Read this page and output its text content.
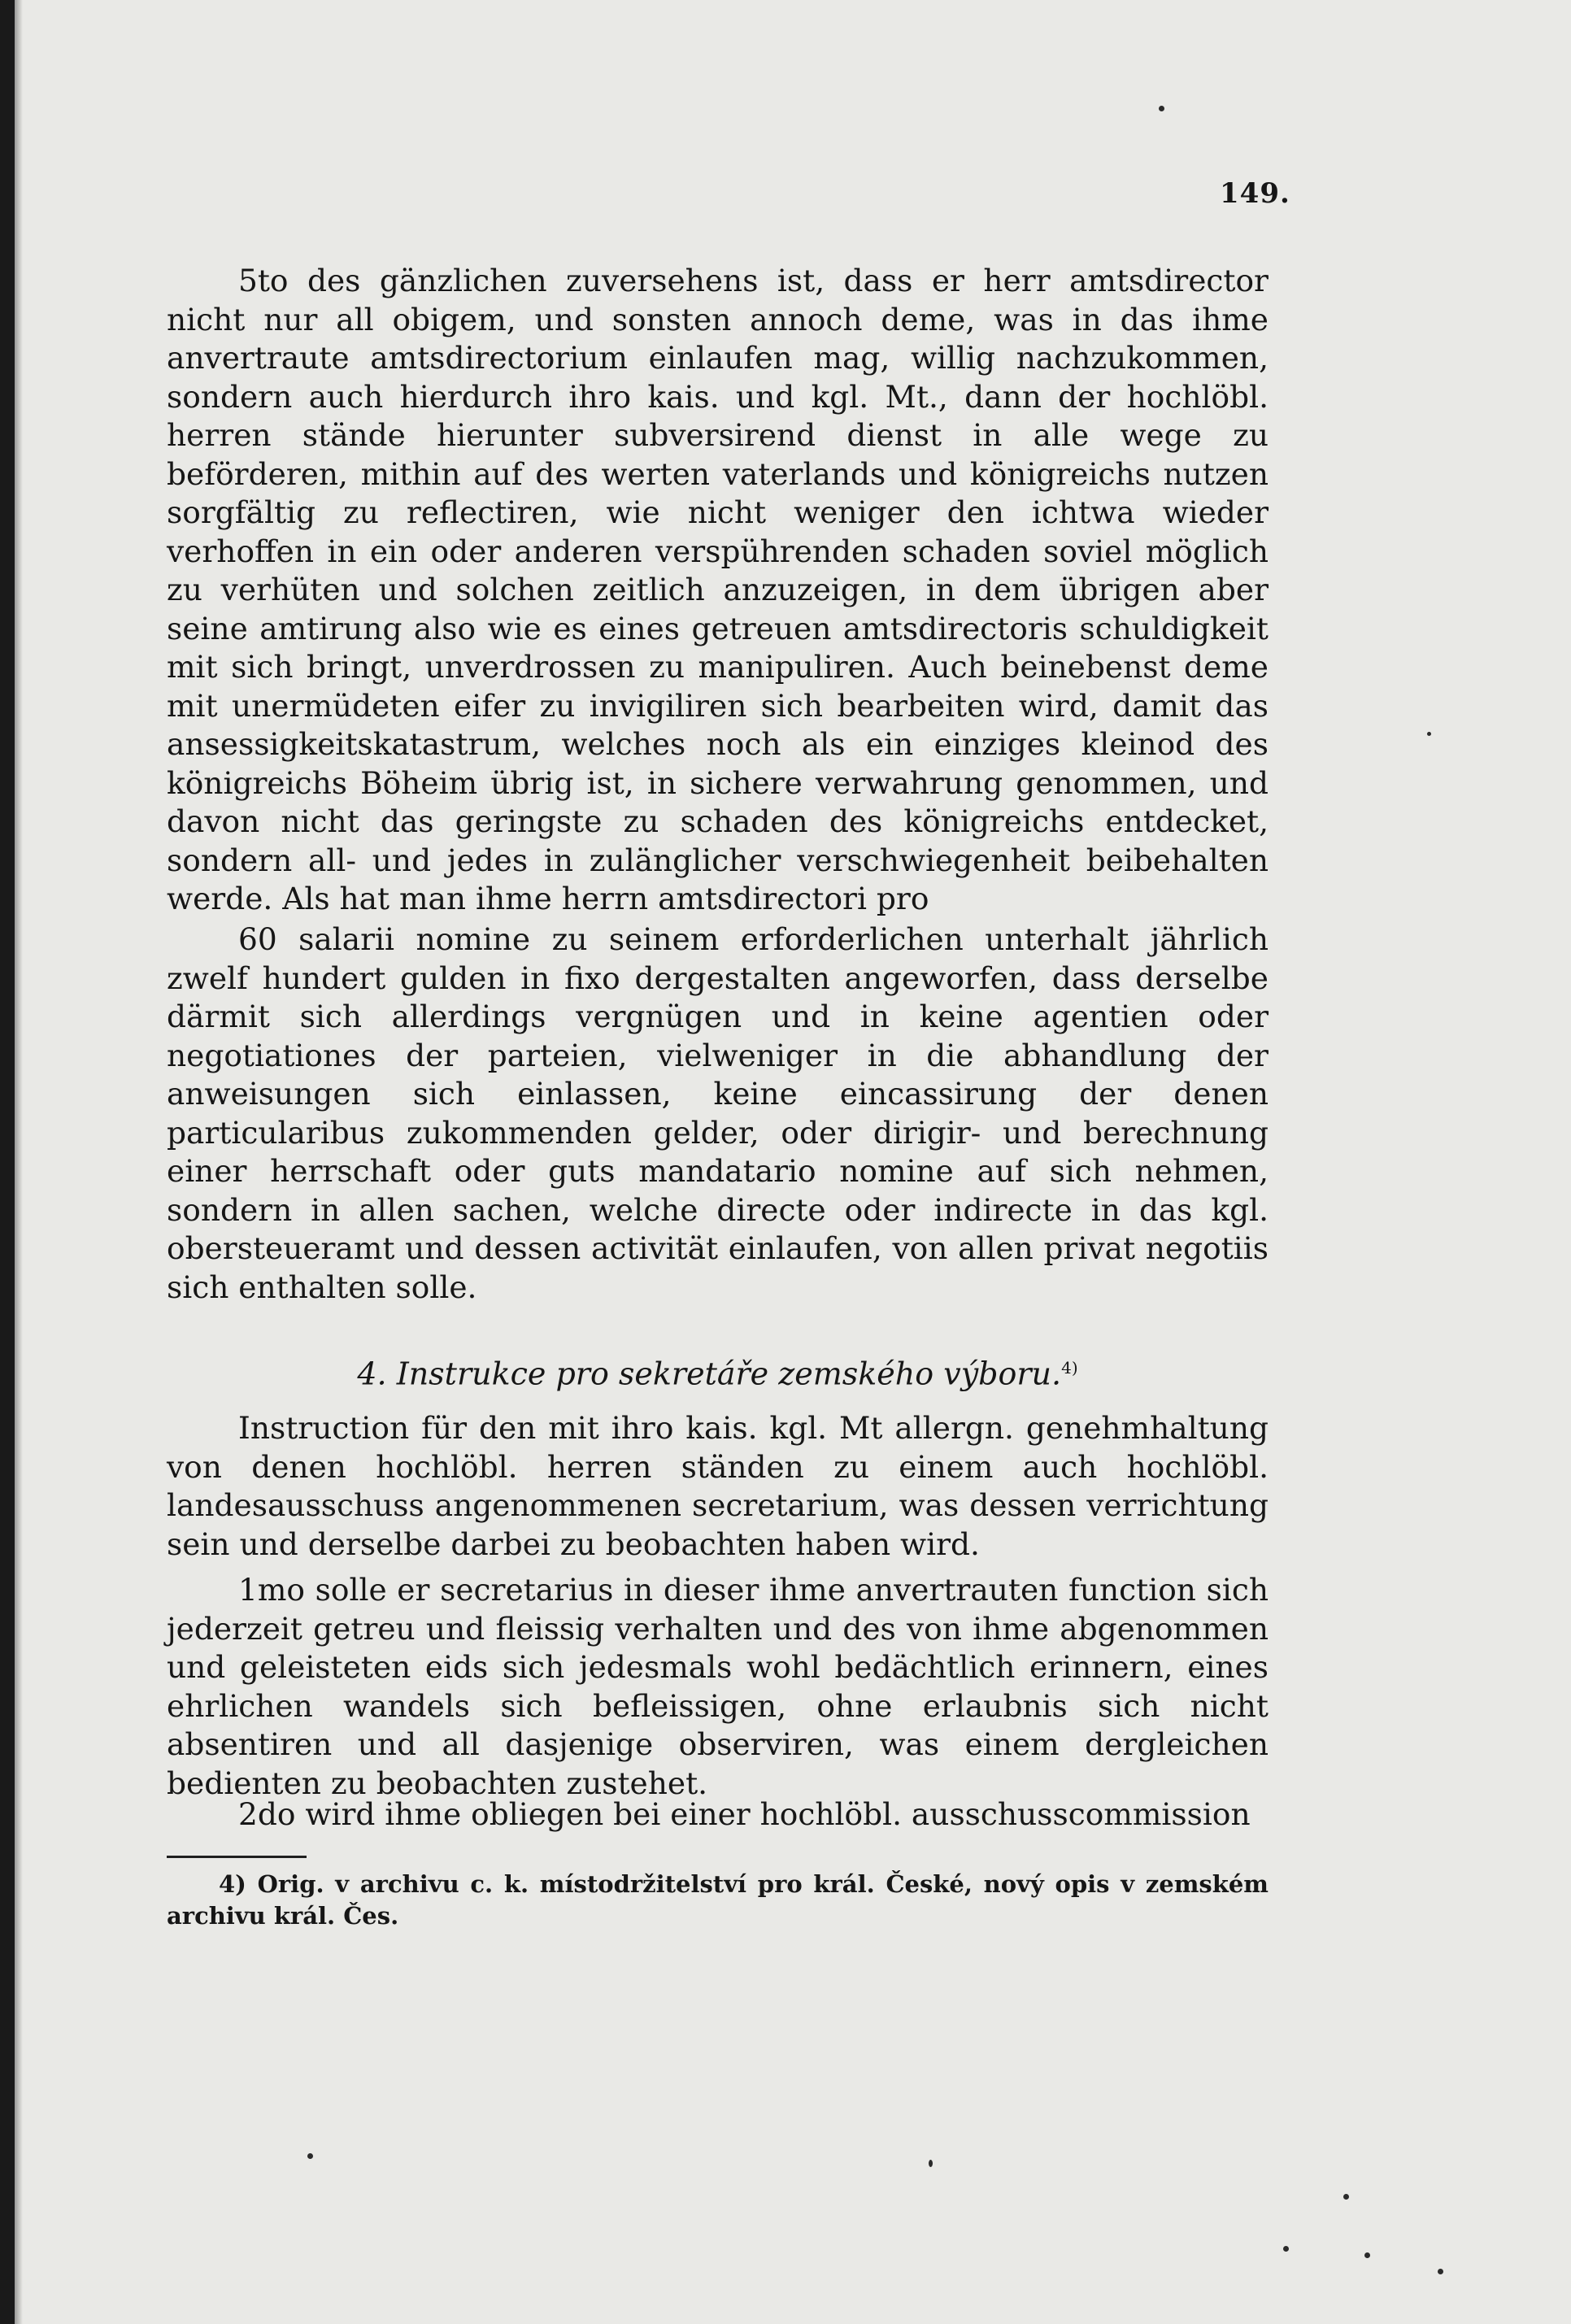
149.

5to des gänzlichen zuversehens ist, dass er herr amtsdirector nicht nur all obigem, und sonsten annoch deme, was in das ihme anvertraute amtsdirectorium einlaufen mag, willig nachzukommen, sondern auch hierdurch ihro kais. und kgl. Mt., dann der hochlöbl. herren stände hierunter subversirend dienst in alle wege zu beförderen, mithin auf des werten vaterlands und königreichs nutzen sorgfältig zu reflectiren, wie nicht weniger den ichtwa wieder verhoffen in ein oder anderen verspührenden schaden soviel möglich zu verhüten und solchen zeitlich anzuzeigen, in dem übrigen aber seine amtirung also wie es eines getreuen amtsdirectoris schuldigkeit mit sich bringt, unverdrossen zu manipuliren. Auch beinebenst deme mit unermüdeten eifer zu invigiliren sich bearbeiten wird, damit das ansessigkeitskatastrum, welches noch als ein einziges kleinod des königreichs Böheim übrig ist, in sichere verwahrung genommen, und davon nicht das geringste zu schaden des königreichs entdecket, sondern all- und jedes in zulänglicher verschwiegenheit beibehalten werde. Als hat man ihme herrn amtsdirectori pro

60 salarii nomine zu seinem erforderlichen unterhalt jährlich zwelf hundert gulden in fixo dergestalten angeworfen, dass derselbe därmit sich allerdings vergnügen und in keine agentien oder negotiationes der parteien, vielweniger in die abhandlung der anweisungen sich einlassen, keine eincassirung der denen particularibus zukommenden gelder, oder dirigir- und berechnung einer herrschaft oder guts mandatario nomine auf sich nehmen, sondern in allen sachen, welche directe oder indirecte in das kgl. obersteueramt und dessen activität einlaufen, von allen privat negotiis sich enthalten solle.

4. Instrukce pro sekretáře zemského výboru.$^{4)}$

Instruction für den mit ihro kais. kgl. Mt allergn. genehmhaltung von denen hochlöbl. herren ständen zu einem auch hochlöbl. landesausschuss angenommenen secretarium, was dessen verrichtung sein und derselbe darbei zu beobachten haben wird.

1mo solle er secretarius in dieser ihme anvertrauten function sich jederzeit getreu und fleissig verhalten und des von ihme abgenommen und geleisteten eids sich jedesmals wohl bedächtlich erinnern, eines ehrlichen wandels sich befleissigen, ohne erlaubnis sich nicht absentiren und all dasjenige observiren, was einem dergleichen bedienten zu beobachten zustehet.

2do wird ihme obliegen bei einer hochlöbl. ausschusscommission

4) Orig. v archivu c. k. místodržitelství pro král. České, nový opis v zemském archivu král. Čes.
